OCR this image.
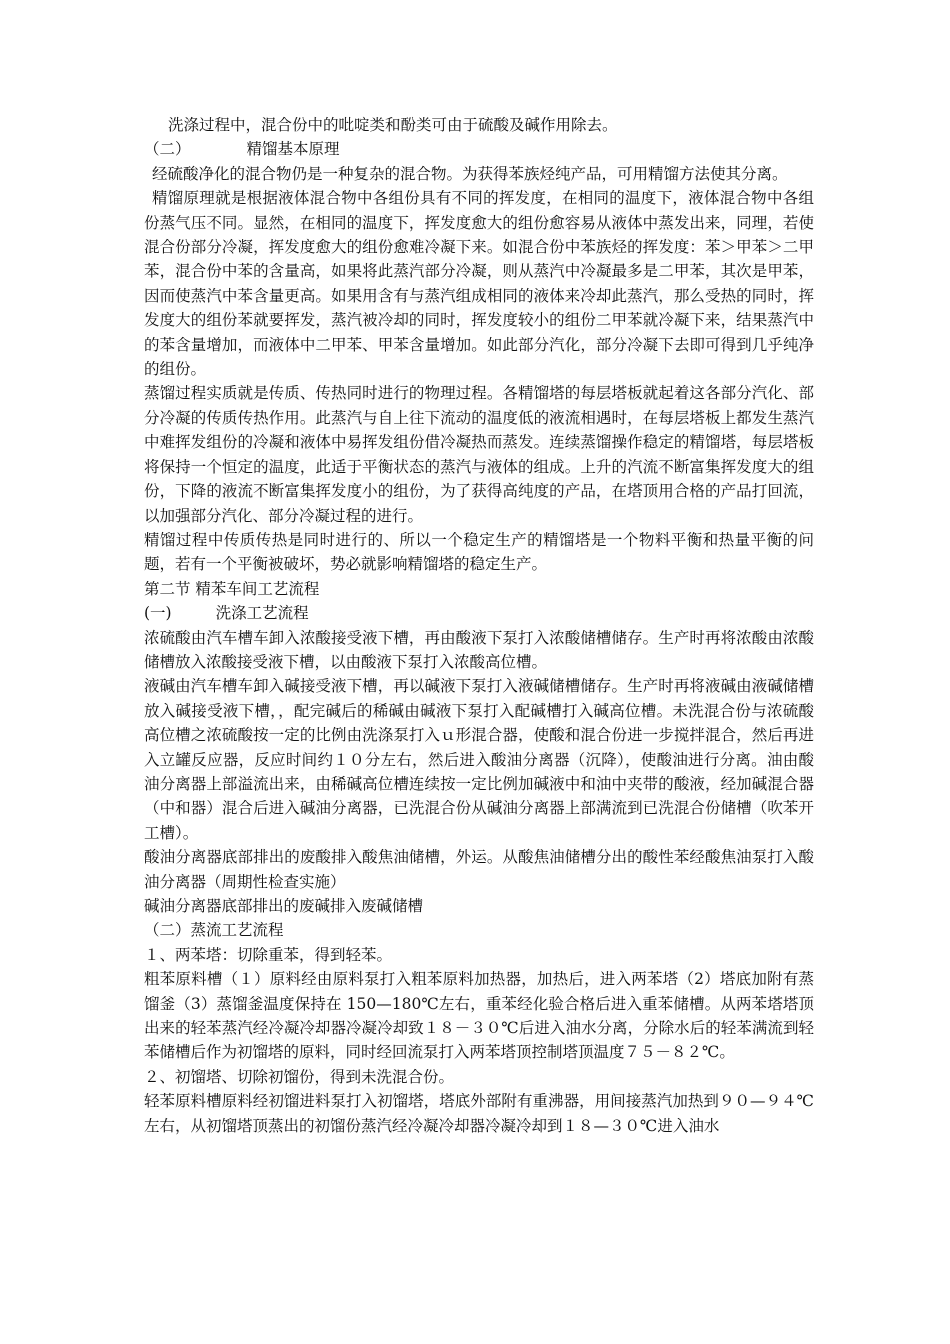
洗涤过程中，混合份中的吡啶类和酚类可由于硫酸及碱作用除去。

（二）	精馏基本原理

经硫酸净化的混合物仍是一种复杂的混合物。为获得苯族烃纯产品，可用精馏方法使其分离。

精馏原理就是根据液体混合物中各组份具有不同的挥发度，在相同的温度下，液体混合物中各组份蒸气压不同。显然，在相同的温度下，挥发度愈大的组份愈容易从液体中蒸发出来，同理，若使混合份部分冷凝，挥发度愈大的组份愈难冷凝下来。如混合份中苯族烃的挥发度：苯＞甲苯＞二甲苯，混合份中苯的含量高，如果将此蒸汽部分冷凝，则从蒸汽中冷凝最多是二甲苯，其次是甲苯，因而使蒸汽中苯含量更高。如果用含有与蒸汽组成相同的液体来冷却此蒸汽，那么受热的同时，挥发度大的组份苯就要挥发，蒸汽被冷却的同时，挥发度较小的组份二甲苯就冷凝下来，结果蒸汽中的苯含量增加，而液体中二甲苯、甲苯含量增加。如此部分汽化，部分冷凝下去即可得到几乎纯净的组份。

蒸馏过程实质就是传质、传热同时进行的物理过程。各精馏塔的每层塔板就起着这各部分汽化、部分冷凝的传质传热作用。此蒸汽与自上往下流动的温度低的液流相遇时，在每层塔板上都发生蒸汽中难挥发组份的冷凝和液体中易挥发组份借冷凝热而蒸发。连续蒸馏操作稳定的精馏塔，每层塔板将保持一个恒定的温度，此适于平衡状态的蒸汽与液体的组成。上升的汽流不断富集挥发度大的组份，下降的液流不断富集挥发度小的组份，为了获得高纯度的产品，在塔顶用合格的产品打回流，以加强部分汽化、部分冷凝过程的进行。

精馏过程中传质传热是同时进行的、所以一个稳定生产的精馏塔是一个物料平衡和热量平衡的问题，若有一个平衡被破坏，势必就影响精馏塔的稳定生产。

第二节 精苯车间工艺流程

(一)	洗涤工艺流程

浓硫酸由汽车槽车卸入浓酸接受液下槽，再由酸液下泵打入浓酸储槽储存。生产时再将浓酸由浓酸储槽放入浓酸接受液下槽，以由酸液下泵打入浓酸高位槽。

液碱由汽车槽车卸入碱接受液下槽，再以碱液下泵打入液碱储槽储存。生产时再将液碱由液碱储槽放入碱接受液下槽，，配完碱后的稀碱由碱液下泵打入配碱槽打入碱高位槽。未洗混合份与浓硫酸高位槽之浓硫酸按一定的比例由洗涤泵打入ｕ形混合器，使酸和混合份进一步搅拌混合，然后再进入立罐反应器，反应时间约１０分左右，然后进入酸油分离器（沉降），使酸油进行分离。油由酸油分离器上部溢流出来，由稀碱高位槽连续按一定比例加碱液中和油中夹带的酸液，经加碱混合器（中和器）混合后进入碱油分离器，已洗混合份从碱油分离器上部满流到已洗混合份储槽（吹苯开工槽）。

酸油分离器底部排出的废酸排入酸焦油储槽，外运。从酸焦油储槽分出的酸性苯经酸焦油泵打入酸油分离器（周期性检查实施）

碱油分离器底部排出的废碱排入废碱储槽

（二）蒸流工艺流程

１、两苯塔：切除重苯，得到轻苯。

粗苯原料槽（１）原料经由原料泵打入粗苯原料加热器，加热后，进入两苯塔（2）塔底加附有蒸馏釜（3）蒸馏釜温度保持在 150—180℃左右，重苯经化验合格后进入重苯储槽。从两苯塔塔顶出来的轻苯蒸汽经冷凝冷却器冷凝冷却致１８－３０℃后进入油水分离，分除水后的轻苯满流到轻苯储槽后作为初馏塔的原料，同时经回流泵打入两苯塔顶控制塔顶温度７５－８２℃。

２、初馏塔、切除初馏份，得到未洗混合份。

轻苯原料槽原料经初馏进料泵打入初馏塔，塔底外部附有重沸器，用间接蒸汽加热到９０—９４℃左右，从初馏塔顶蒸出的初馏份蒸汽经冷凝冷却器冷凝冷却到１８—３０℃进入油水
